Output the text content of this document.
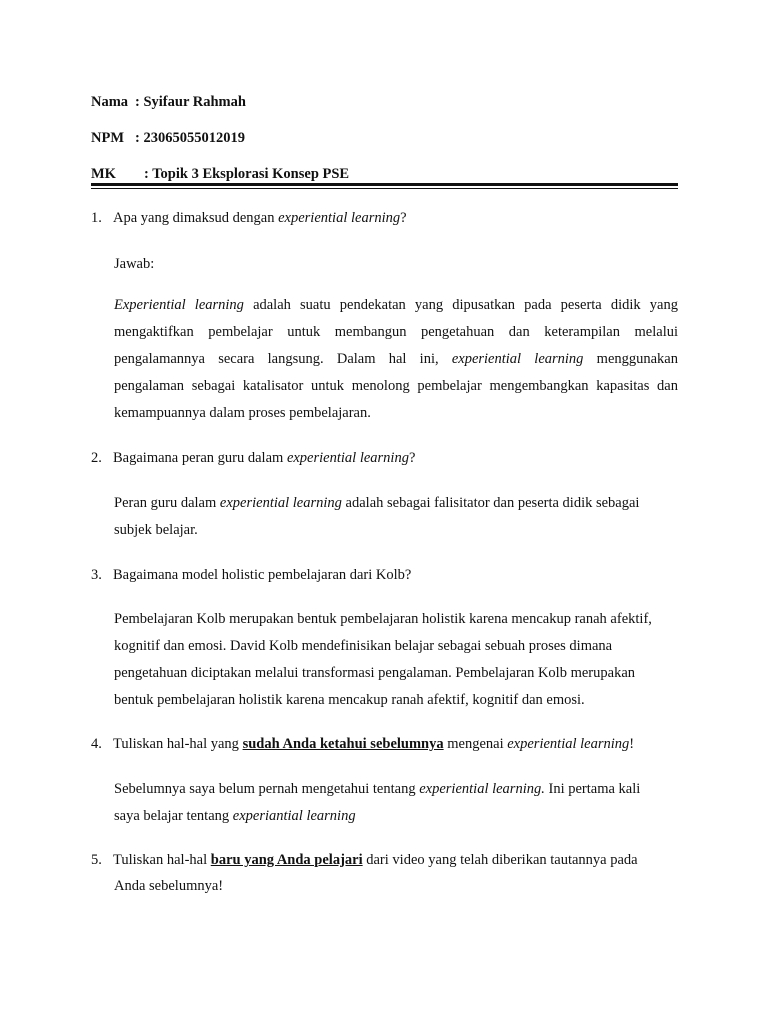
Nama : Syifaur Rahmah
NPM : 23065055012019
MK : Topik 3 Eksplorasi Konsep PSE
1. Apa yang dimaksud dengan experiential learning?
Jawab:
Experiential learning adalah suatu pendekatan yang dipusatkan pada peserta didik yang
mengaktifkan pembelajar untuk membangun pengetahuan dan keterampilan melalui
pengalamannya secara langsung. Dalam hal ini, experiential learning menggunakan
pengalaman sebagai katalisator untuk menolong pembelajar mengembangkan kapasitas dan
kemampuannya dalam proses pembelajaran.
2. Bagaimana peran guru dalam experiential learning?
Peran guru dalam experiential learning adalah sebagai falisitator dan peserta didik sebagai
subjek belajar.
3. Bagaimana model holistic pembelajaran dari Kolb?
Pembelajaran Kolb merupakan bentuk pembelajaran holistik karena mencakup ranah afektif,
kognitif dan emosi. David Kolb mendefinisikan belajar sebagai sebuah proses dimana
pengetahuan diciptakan melalui transformasi pengalaman. Pembelajaran Kolb merupakan
bentuk pembelajaran holistik karena mencakup ranah afektif, kognitif dan emosi.
4. Tuliskan hal-hal yang sudah Anda ketahui sebelumnya mengenai experiential learning!
Sebelumnya saya belum pernah mengetahui tentang experiential learning. Ini pertama kali
saya belajar tentang experiantial learning
5. Tuliskan hal-hal baru yang Anda pelajari dari video yang telah diberikan tautannya pada
Anda sebelumnya!
